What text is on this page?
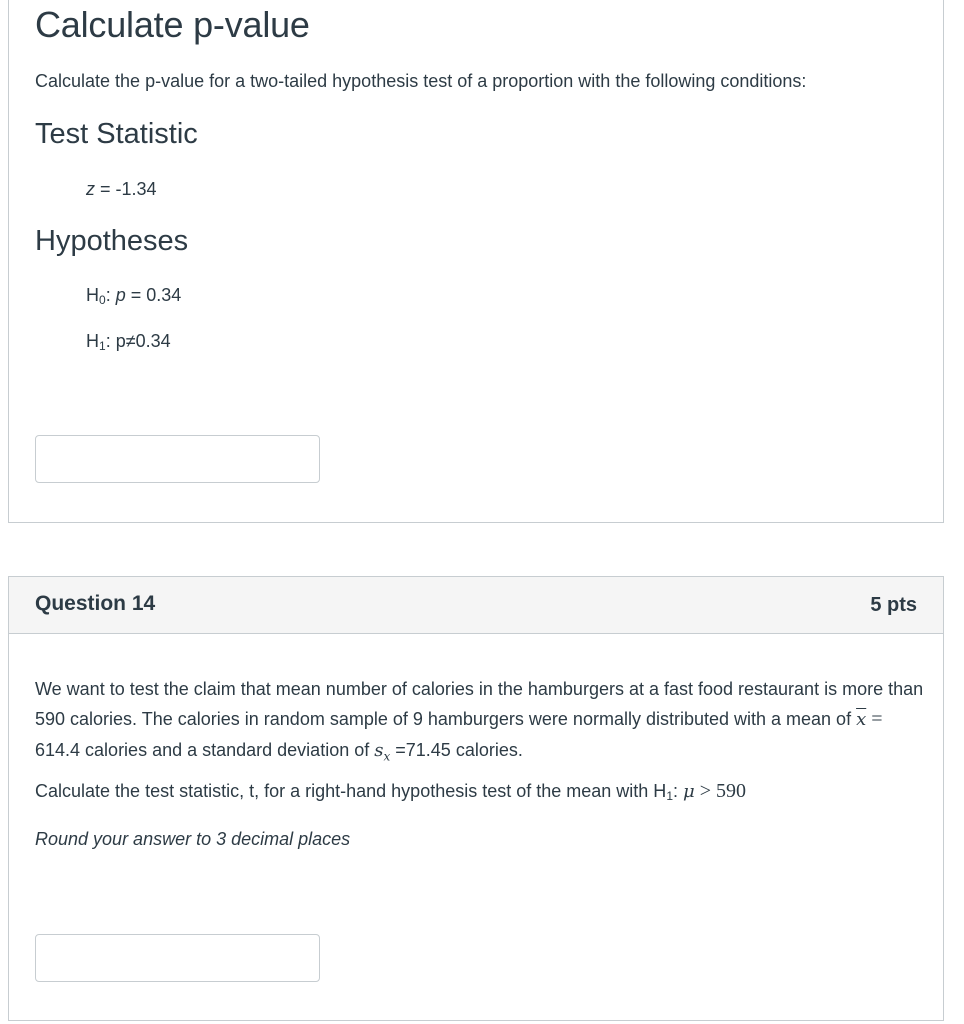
Calculate p-value
Calculate the p-value for a two-tailed hypothesis test of a proportion with the following conditions:
Test Statistic
z = -1.34
Hypotheses
$H_0$: p = 0.34
$H_1$: p≠0.34
Question 14	5 pts
We want to test the claim that mean number of calories in the hamburgers at a fast food restaurant is more than 590 calories. The calories in random sample of 9 hamburgers were normally distributed with a mean of $\overline{x} = 614.4$ calories and a standard deviation of $s_x =71.45$ calories.
Calculate the test statistic, t, for a right-hand hypothesis test of the mean with $H_1$: μ > 590
Round your answer to 3 decimal places
